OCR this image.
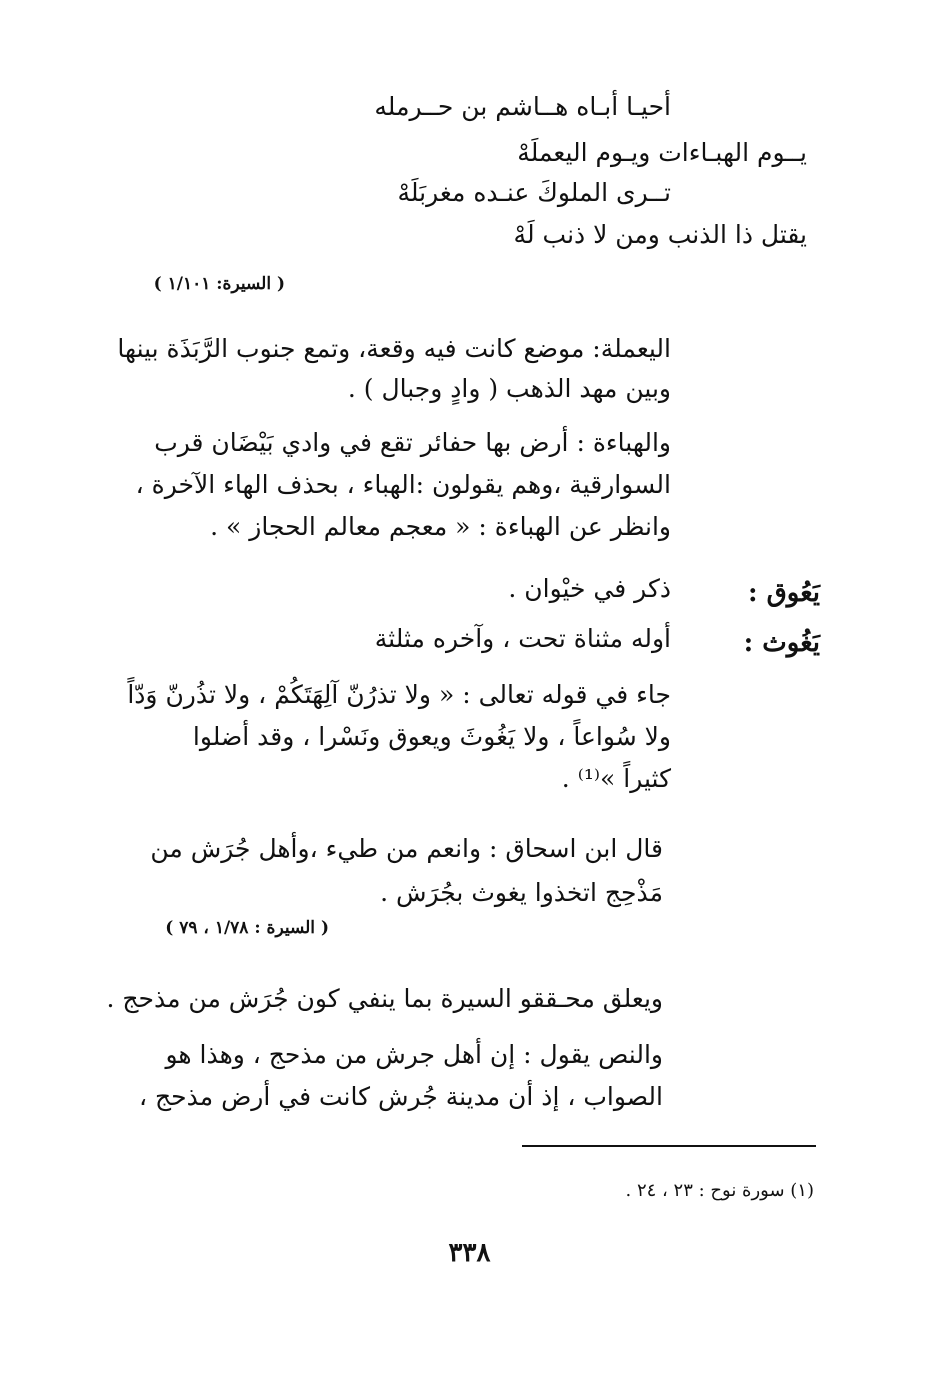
أحيـا أبـاه هــاشم بن حــرمله
يــوم الهبـاءات ويـوم اليعملَهْ
تــرى الملوكَ عنـده مغربَلَهْ
يقتل ذا الذنب ومن لا ذنب لَهْ
( السيرة: ١/١٠١ )
اليعملة: موضع كانت فيه وقعة، وتمع جنوب الرَّبَذَة بينها
وبين مهد الذهب ( وادٍ وجبال ) .
والهباءة : أرض بها حفائر تقع في وادي بَيْضَان قرب
السوارقية ،وهم يقولون :الهباء ، بحذف الهاء الآخرة ،
وانظر عن الهباءة : « معجم معالم الحجاز » .
يَعُوق :
ذكر في خيْوان .
يَغُوث :
أوله مثناة تحت ، وآخره مثلثة
جاء في قوله تعالى : « ولا تذرُنّ آلِهَتَكُمْ ، ولا تذُرنّ وَدّاً
ولا سُواعاً ، ولا يَغُوثَ ويعوق ونَسْرا ، وقد أضلوا
كثيراً »⁽¹⁾ .
قال ابن اسحاق : وانعم من طيء ،وأهل جُرَش من
مَذْحِج اتخذوا يغوث بجُرَش .
( السيرة : ١/٧٨ ، ٧٩ )
ويعلق محـققو السيرة بما ينفي كون جُرَش من مذحج .
والنص يقول : إن أهل جرش من مذحج ، وهذا هو
الصواب ، إذ أن مدينة جُرش كانت في أرض مذحج ،
(١) سورة نوح : ٢٣ ، ٢٤ .
٣٣٨
